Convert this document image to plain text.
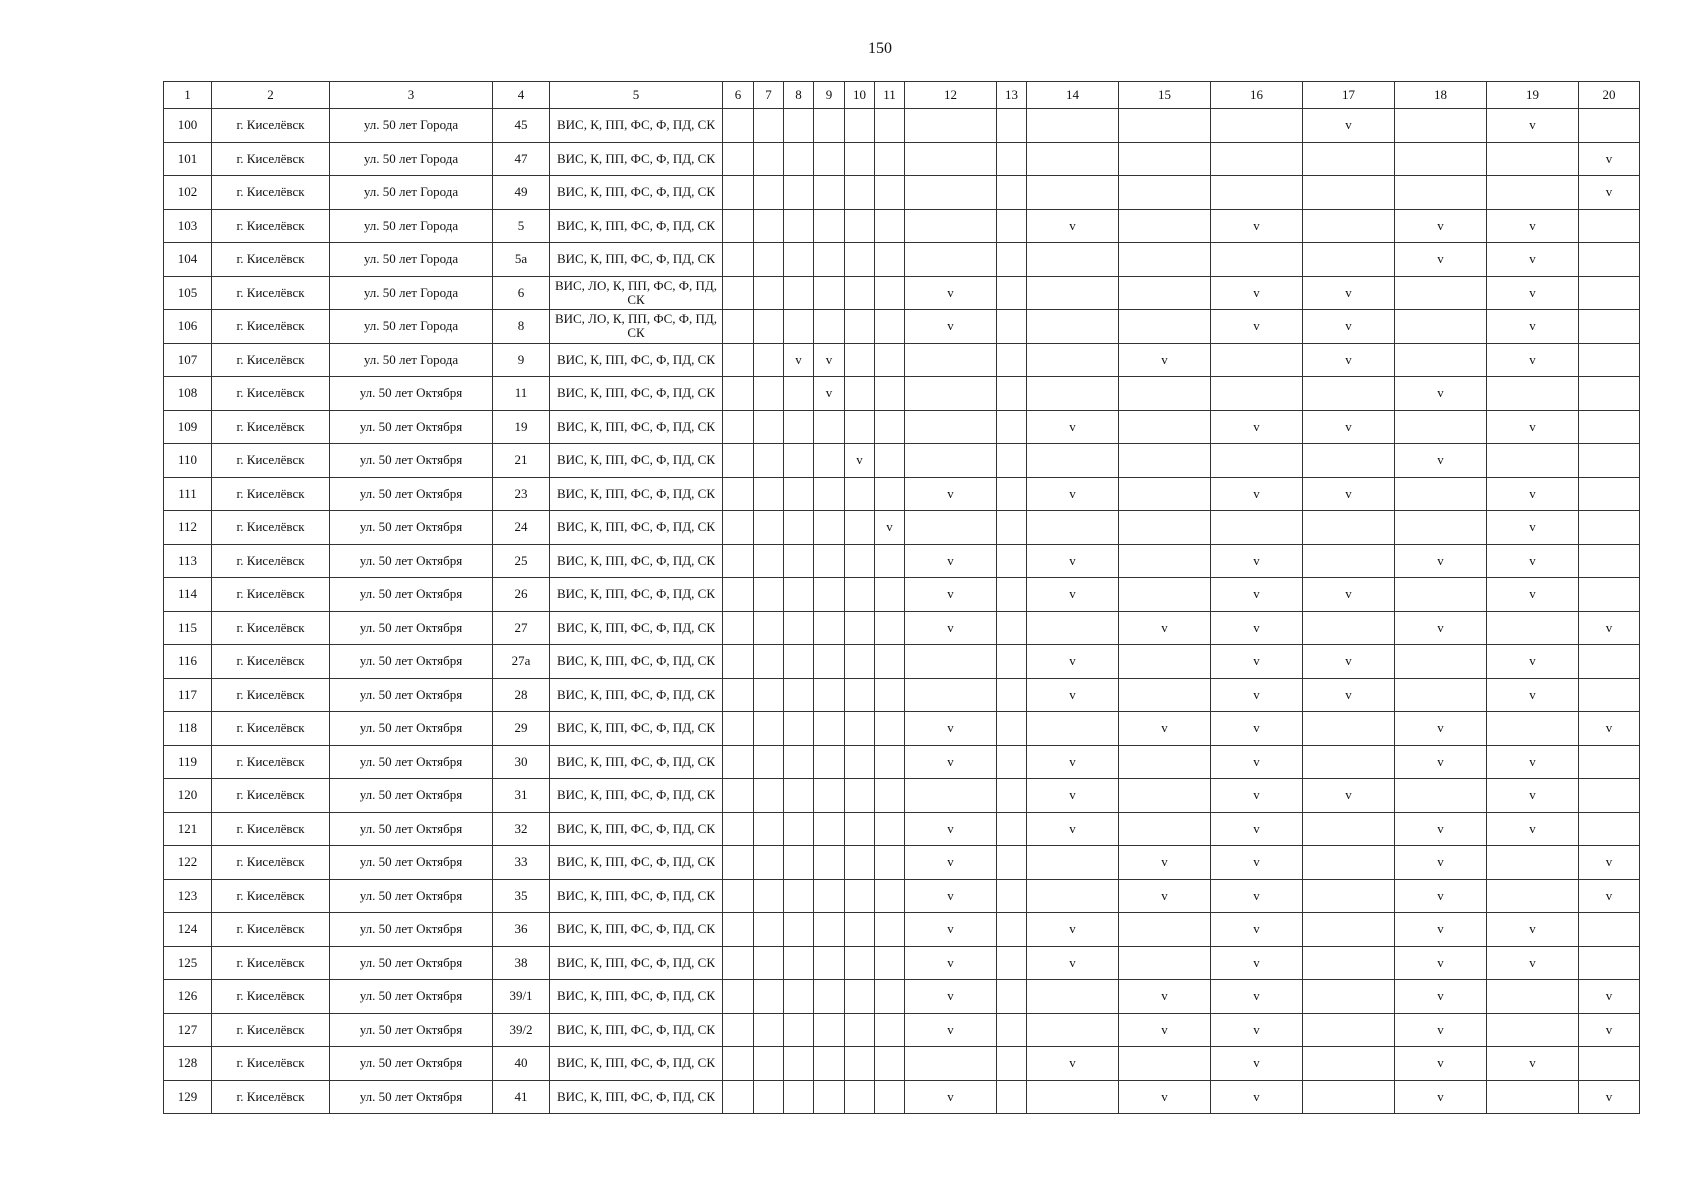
150
1	2	3	4	5	6	7	8	9	10	11	12	13	14	15	16	17	18	19	20
100	г. Киселёвск	ул. 50 лет Города	45	ВИС, К, ПП, ФС, Ф, ПД, СК												v		v	
101	г. Киселёвск	ул. 50 лет Города	47	ВИС, К, ПП, ФС, Ф, ПД, СК															v
102	г. Киселёвск	ул. 50 лет Города	49	ВИС, К, ПП, ФС, Ф, ПД, СК															v
103	г. Киселёвск	ул. 50 лет Города	5	ВИС, К, ПП, ФС, Ф, ПД, СК									v		v		v	v	
104	г. Киселёвск	ул. 50 лет Города	5а	ВИС, К, ПП, ФС, Ф, ПД, СК													v	v	
105	г. Киселёвск	ул. 50 лет Города	6	ВИС, ЛО, К, ПП, ФС, Ф, ПД, СК							v				v	v		v	
106	г. Киселёвск	ул. 50 лет Города	8	ВИС, ЛО, К, ПП, ФС, Ф, ПД, СК							v				v	v		v	
107	г. Киселёвск	ул. 50 лет Города	9	ВИС, К, ПП, ФС, Ф, ПД, СК			v	v						v		v		v	
108	г. Киселёвск	ул. 50 лет Октября	11	ВИС, К, ПП, ФС, Ф, ПД, СК				v									v		
109	г. Киселёвск	ул. 50 лет Октября	19	ВИС, К, ПП, ФС, Ф, ПД, СК									v		v	v		v	
110	г. Киселёвск	ул. 50 лет Октября	21	ВИС, К, ПП, ФС, Ф, ПД, СК					v								v		
111	г. Киселёвск	ул. 50 лет Октября	23	ВИС, К, ПП, ФС, Ф, ПД, СК							v		v		v	v		v	
112	г. Киселёвск	ул. 50 лет Октября	24	ВИС, К, ПП, ФС, Ф, ПД, СК						v								v	
113	г. Киселёвск	ул. 50 лет Октября	25	ВИС, К, ПП, ФС, Ф, ПД, СК							v		v		v		v	v	
114	г. Киселёвск	ул. 50 лет Октября	26	ВИС, К, ПП, ФС, Ф, ПД, СК							v		v		v	v		v	
115	г. Киселёвск	ул. 50 лет Октября	27	ВИС, К, ПП, ФС, Ф, ПД, СК							v			v	v		v		v
116	г. Киселёвск	ул. 50 лет Октября	27а	ВИС, К, ПП, ФС, Ф, ПД, СК									v		v	v		v	
117	г. Киселёвск	ул. 50 лет Октября	28	ВИС, К, ПП, ФС, Ф, ПД, СК									v		v	v		v	
118	г. Киселёвск	ул. 50 лет Октября	29	ВИС, К, ПП, ФС, Ф, ПД, СК							v			v	v		v		v
119	г. Киселёвск	ул. 50 лет Октября	30	ВИС, К, ПП, ФС, Ф, ПД, СК							v		v		v		v	v	
120	г. Киселёвск	ул. 50 лет Октября	31	ВИС, К, ПП, ФС, Ф, ПД, СК									v		v	v		v	
121	г. Киселёвск	ул. 50 лет Октября	32	ВИС, К, ПП, ФС, Ф, ПД, СК							v		v		v		v	v	
122	г. Киселёвск	ул. 50 лет Октября	33	ВИС, К, ПП, ФС, Ф, ПД, СК							v			v	v		v		v
123	г. Киселёвск	ул. 50 лет Октября	35	ВИС, К, ПП, ФС, Ф, ПД, СК							v			v	v		v		v
124	г. Киселёвск	ул. 50 лет Октября	36	ВИС, К, ПП, ФС, Ф, ПД, СК							v		v		v		v	v	
125	г. Киселёвск	ул. 50 лет Октября	38	ВИС, К, ПП, ФС, Ф, ПД, СК							v		v		v		v	v	
126	г. Киселёвск	ул. 50 лет Октября	39/1	ВИС, К, ПП, ФС, Ф, ПД, СК							v			v	v		v		v
127	г. Киселёвск	ул. 50 лет Октября	39/2	ВИС, К, ПП, ФС, Ф, ПД, СК							v			v	v		v		v
128	г. Киселёвск	ул. 50 лет Октября	40	ВИС, К, ПП, ФС, Ф, ПД, СК									v		v		v	v	
129	г. Киселёвск	ул. 50 лет Октября	41	ВИС, К, ПП, ФС, Ф, ПД, СК							v			v	v		v		v
